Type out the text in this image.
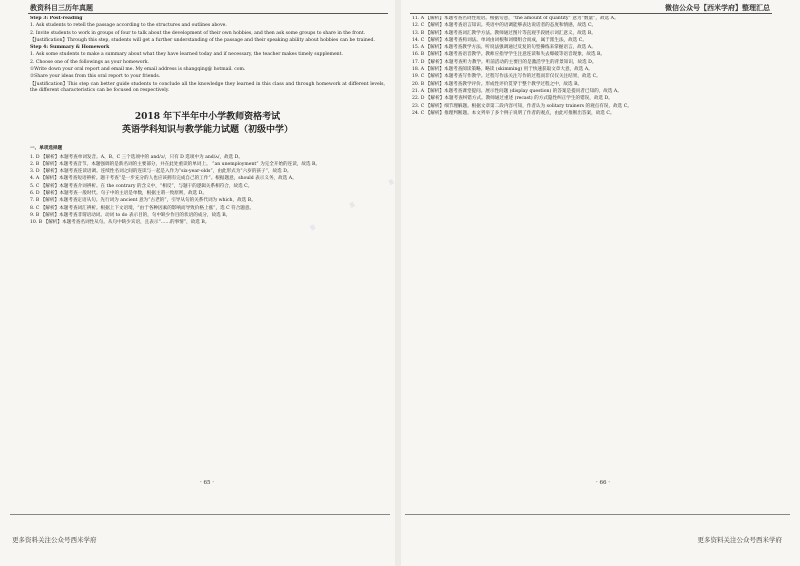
· · ·
教资科目三历年真题	微信公众号【西米学府】整理汇总

Step 3: Post-reading

1. Ask students to retell the passage according to the structures and outlines above.

2. Invite students to work in groups of four to talk about the development of their own hobbies, and then ask some groups to share in the front.

【Justification】Through this step, students will get a further understanding of the passage and their speaking ability about hobbies can be trained.

Step 4: Summary & Homework

1. Ask some students to make a summary about what they have learned today and if necessary, the teacher makes timely supplement.

2. Choose one of the followings as your homework.

①Write down your oral report and email me. My email address is shangqing@ hotmail. com.

②Share your ideas from this oral report to your friends.

【Justification】This step can better guide students to conclude all the knowledge they learned in this class and through homework at different levels, the different characteristics can be focused on respectively.

2018 年下半年中小学教师资格考试
英语学科知识与教学能力试题（初级中学）
一、单项选择题

1. D 【解析】本题考查单词发音。A、B、C 三个选项中的 and/ɔ/，只有 D 选项中为 and/ʌ/，故选 D。

2. B 【解析】本题考查音节。本题强调的是新名词的主要部分，并在此处重读的单词上。 “an unemployment” 为完全开始的连读，故选 B。

3. D 【解析】本题考查连读语调。连续性名词之间的连读与一起是入作为“six-year-olds”，由此形式为“六岁的孩子”，故选 D。

4. A 【解析】本题考查短语辨析。题干考查“是一步充分的人也应该拥有完成自己的工作”。根据题意，should 表示义务，故选 A。

5. C 【解析】本题考查介词辨析。在 the contrary 的含义中，“相反”，与题干的逻辑关系相符合，故选 C。

6. D 【解析】本题考查一般时代。句子中的主语是单数，根据主谓一致原则，故选 D。

7. B 【解析】本题考查定语从句。先行词为 ancient 意为“古老的”，引导从句的关系代词为 which，故选 B。

8. C 【解析】本题考查词汇辨析。根据上下文语境，“由于各种因素的影响而导致价格上涨”，选 C 符合题意。

9. B 【解析】本题考查非谓语动词。动词 to do 表示目的，句中缺少作目的状语的成分，故选 B。

10. B 【解析】本题考查名词性从句。从句中缺少宾语，且表示“……的事情”，故选 B。

11. A 【解析】本题考查名词性短语。根据句意，“the amount of quantity” 意为“数量”，故选 A。

12. C 【解析】本题考查语言知识。英语中的语调能够表达说话者的态度和情感，故选 C。

13. B 【解析】本题考查词汇教学方法。教师通过图片等直观手段展示词汇意义，故选 B。

14. C 【解析】本题考查构词法。单词由词根和词缀组合而成，属于派生法，故选 C。

15. A 【解析】本题考查教学方法。听说法强调通过反复的句型操练来掌握语言，故选 A。

16. B 【解析】本题考查语音教学。教师应指导学生注意连读和失去爆破等语音现象，故选 B。

17. D 【解析】本题考查听力教学。听前活动的主要目的是激活学生的背景知识，故选 D。

18. A 【解析】本题考查阅读策略。略读 (skimming) 用于快速获取文章大意，故选 A。

19. C 【解析】本题考查写作教学。过程写作法关注写作的过程而非仅仅关注结果，故选 C。

20. B 【解析】本题考查教学评价。形成性评价贯穿于整个教学过程之中，故选 B。

21. A 【解析】本题考查课堂提问。展示性问题 (display question) 的答案是提问者已知的，故选 A。

22. D 【解析】本题考查纠错方式。教师通过重述 (recast) 的方式隐性纠正学生的错误，故选 D。

23. C 【解析】细节理解题。根据文章第二段内容可知，作者认为 solitary trainers 的观点有误，故选 C。

24. C 【解析】推理判断题。本文列举了多个例子说明了作者的观点，由此可推断出答案，故选 C。

· 65 ·	· 66 ·
更多资料关注公众号西米学府	更多资料关注公众号西米学府
